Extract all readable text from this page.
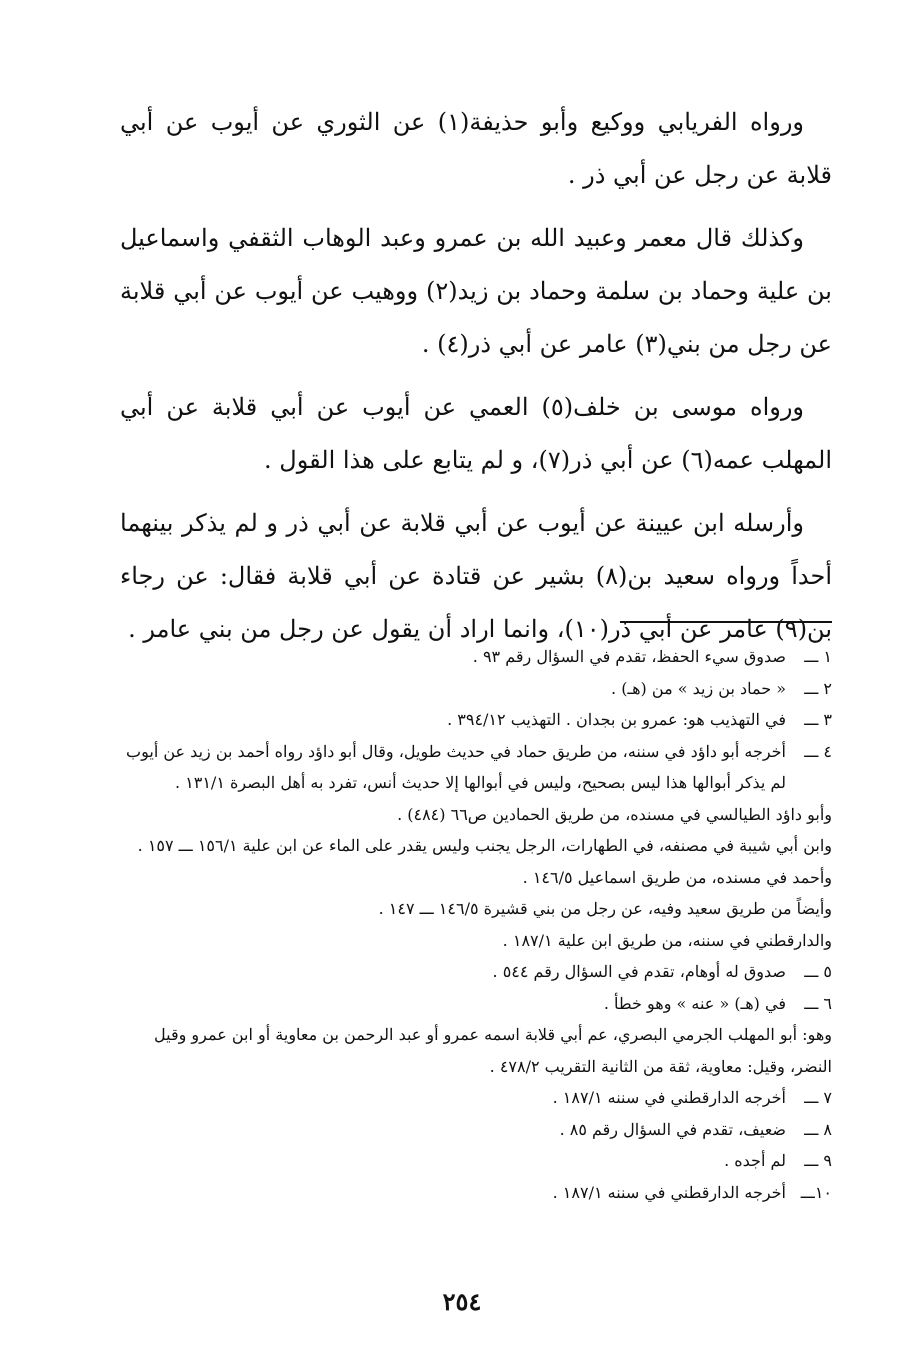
ورواه الفريابي ووكيع وأبو حذيفة(١) عن الثوري عن أيوب عن أبي قلابة عن رجل عن أبي ذر .

وكذلك قال معمر وعبيد الله بن عمرو وعبد الوهاب الثقفي واسماعيل بن علية وحماد بن سلمة وحماد بن زيد(٢) ووهيب عن أيوب عن أبي قلابة عن رجل من بني(٣) عامر عن أبي ذر(٤) .

ورواه موسى بن خلف(٥) العمي عن أيوب عن أبي قلابة عن أبي المهلب عمه(٦) عن أبي ذر(٧)، و لم يتابع على هذا القول .

وأرسله ابن عيينة عن أيوب عن أبي قلابة عن أبي ذر و لم يذكر بينهما أحداً ورواه سعيد بن(٨) بشير عن قتادة عن أبي قلابة فقال: عن رجاء بن(٩) عامر عن أبي ذر(١٠)، وانما اراد أن يقول عن رجل من بني عامر .

١ ـــ
صدوق سيء الحفظ، تقدم في السؤال رقم ٩٣ .
٢ ـــ
« حماد بن زيد » من (هـ) .
٣ ـــ
في التهذيب هو: عمرو بن بجدان . التهذيب ٣٩٤/١٢ .
٤ ـــ
أخرجه أبو داؤد في سننه، من طريق حماد في حديث طويل، وقال أبو داؤد رواه أحمد بن زيد عن أيوب لم يذكر أبوالها هذا ليس بصحيح، وليس في أبوالها إلا حديث أنس، تفرد به أهل البصرة ١٣١/١ .
وأبو داؤد الطيالسي في مسنده، من طريق الحمادين ص٦٦ (٤٨٤) .
وابن أبي شيبة في مصنفه، في الطهارات، الرجل يجنب وليس يقدر على الماء عن ابن علية ١٥٦/١ ـــ ١٥٧ . وأحمد في مسنده، من طريق اسماعيل ١٤٦/٥ .
وأيضاً من طريق سعيد وفيه، عن رجل من بني قشيرة ١٤٦/٥ ـــ ١٤٧ .
والدارقطني في سننه، من طريق ابن علية ١٨٧/١ .
٥ ـــ
صدوق له أوهام، تقدم في السؤال رقم ٥٤٤ .
٦ ـــ
في (هـ) « عنه » وهو خطأ .
وهو: أبو المهلب الجرمي البصري، عم أبي قلابة اسمه عمرو أو عبد الرحمن بن معاوية أو ابن عمرو وقيل النضر، وقيل: معاوية، ثقة من الثانية التقريب ٤٧٨/٢ .
٧ ـــ
أخرجه الدارقطني في سننه ١٨٧/١ .
٨ ـــ
ضعيف، تقدم في السؤال رقم ٨٥ .
٩ ـــ
لم أجده .
١٠ـــ
أخرجه الدارقطني في سننه ١٨٧/١ .
٢٥٤
